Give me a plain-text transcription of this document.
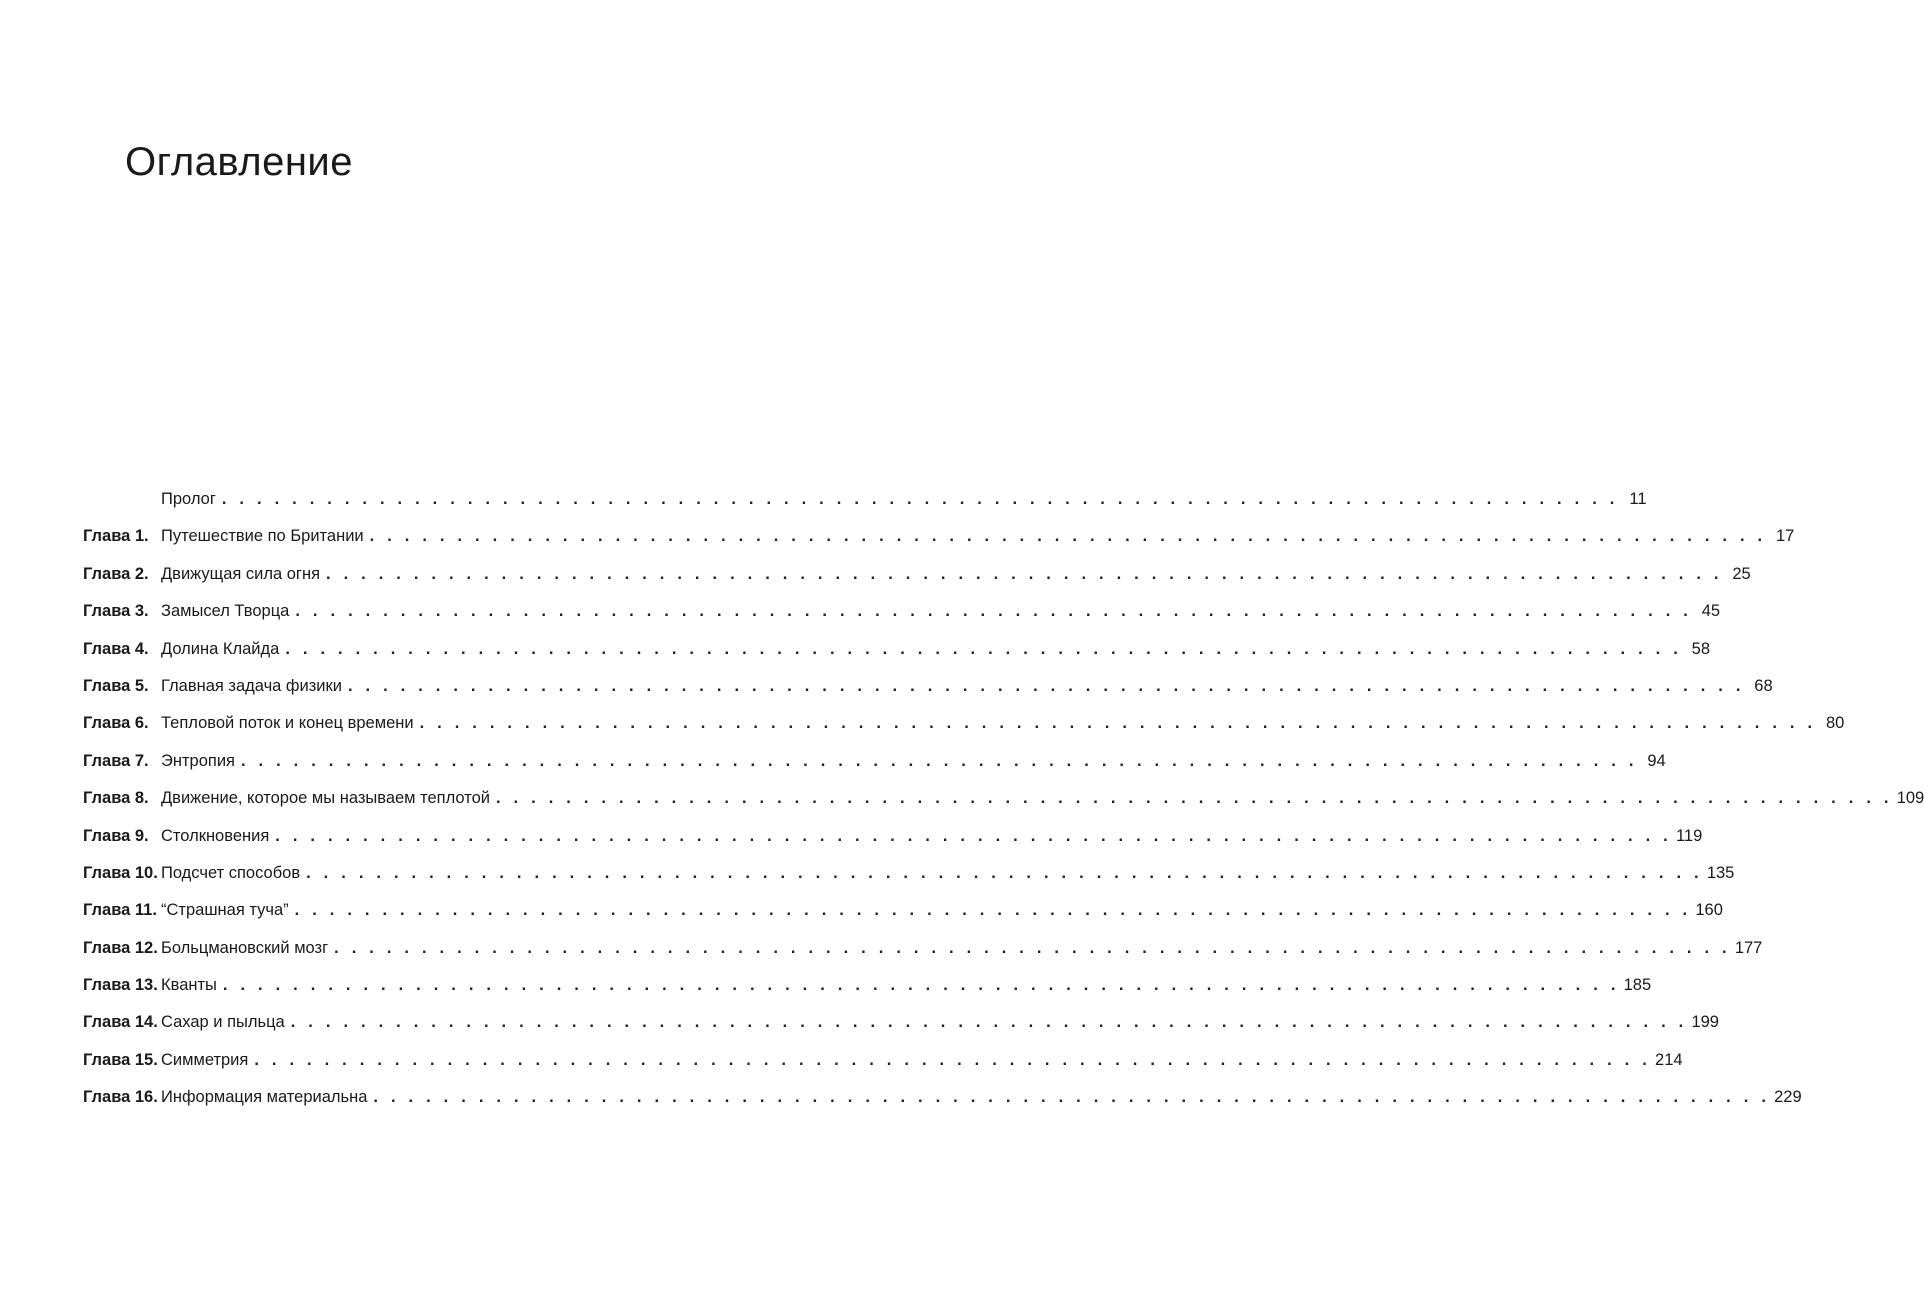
Оглавление
Пролог . . . . . . . . . . . . . . . . . . . . . . . . . . . . . . . . . . . . . . . . . . . . . . . . . . . . . . . . . . . . . . . . . . . . . . . . . . . . . . . . 11
Глава 1. Путешествие по Британии . . . . . . . . . . . . . . . . . . . . . . . . . . . . . . . . . . . . . . . . . . . . . . . . . . . . . . . . . . . . . . . . . . . . . . . . . . . . . . . . 17
Глава 2. Движущая сила огня . . . . . . . . . . . . . . . . . . . . . . . . . . . . . . . . . . . . . . . . . . . . . . . . . . . . . . . . . . . . . . . . . . . . . . . . . . . . . . . . 25
Глава 3. Замысел Творца . . . . . . . . . . . . . . . . . . . . . . . . . . . . . . . . . . . . . . . . . . . . . . . . . . . . . . . . . . . . . . . . . . . . . . . . . . . . . . . . 45
Глава 4. Долина Клайда . . . . . . . . . . . . . . . . . . . . . . . . . . . . . . . . . . . . . . . . . . . . . . . . . . . . . . . . . . . . . . . . . . . . . . . . . . . . . . . . 58
Глава 5. Главная задача физики . . . . . . . . . . . . . . . . . . . . . . . . . . . . . . . . . . . . . . . . . . . . . . . . . . . . . . . . . . . . . . . . . . . . . . . . . . . . . . . . 68
Глава 6. Тепловой поток и конец времени . . . . . . . . . . . . . . . . . . . . . . . . . . . . . . . . . . . . . . . . . . . . . . . . . . . . . . . . . . . . . . . . . . . . . . . . . . . . . . . . 80
Глава 7. Энтропия . . . . . . . . . . . . . . . . . . . . . . . . . . . . . . . . . . . . . . . . . . . . . . . . . . . . . . . . . . . . . . . . . . . . . . . . . . . . . . . . 94
Глава 8. Движение, которое мы называем теплотой . . . . . . . . . . . . . . . . . . . . . . . . . . . . . . . . . . . . . . . . . . . . . . . . . . . . . . . . . . . . . . . . . . . . . . . . . . . . . . . . 109
Глава 9. Столкновения . . . . . . . . . . . . . . . . . . . . . . . . . . . . . . . . . . . . . . . . . . . . . . . . . . . . . . . . . . . . . . . . . . . . . . . . . . . . . . . . 119
Глава 10. Подсчет способов . . . . . . . . . . . . . . . . . . . . . . . . . . . . . . . . . . . . . . . . . . . . . . . . . . . . . . . . . . . . . . . . . . . . . . . . . . . . . . . . 135
Глава 11. “Страшная туча” . . . . . . . . . . . . . . . . . . . . . . . . . . . . . . . . . . . . . . . . . . . . . . . . . . . . . . . . . . . . . . . . . . . . . . . . . . . . . . . . 160
Глава 12. Больцмановский мозг . . . . . . . . . . . . . . . . . . . . . . . . . . . . . . . . . . . . . . . . . . . . . . . . . . . . . . . . . . . . . . . . . . . . . . . . . . . . . . . . 177
Глава 13. Кванты . . . . . . . . . . . . . . . . . . . . . . . . . . . . . . . . . . . . . . . . . . . . . . . . . . . . . . . . . . . . . . . . . . . . . . . . . . . . . . . . 185
Глава 14. Сахар и пыльца . . . . . . . . . . . . . . . . . . . . . . . . . . . . . . . . . . . . . . . . . . . . . . . . . . . . . . . . . . . . . . . . . . . . . . . . . . . . . . . . 199
Глава 15. Симметрия . . . . . . . . . . . . . . . . . . . . . . . . . . . . . . . . . . . . . . . . . . . . . . . . . . . . . . . . . . . . . . . . . . . . . . . . . . . . . . . . 214
Глава 16. Информация материальна . . . . . . . . . . . . . . . . . . . . . . . . . . . . . . . . . . . . . . . . . . . . . . . . . . . . . . . . . . . . . . . . . . . . . . . . . . . . . . . . 229
